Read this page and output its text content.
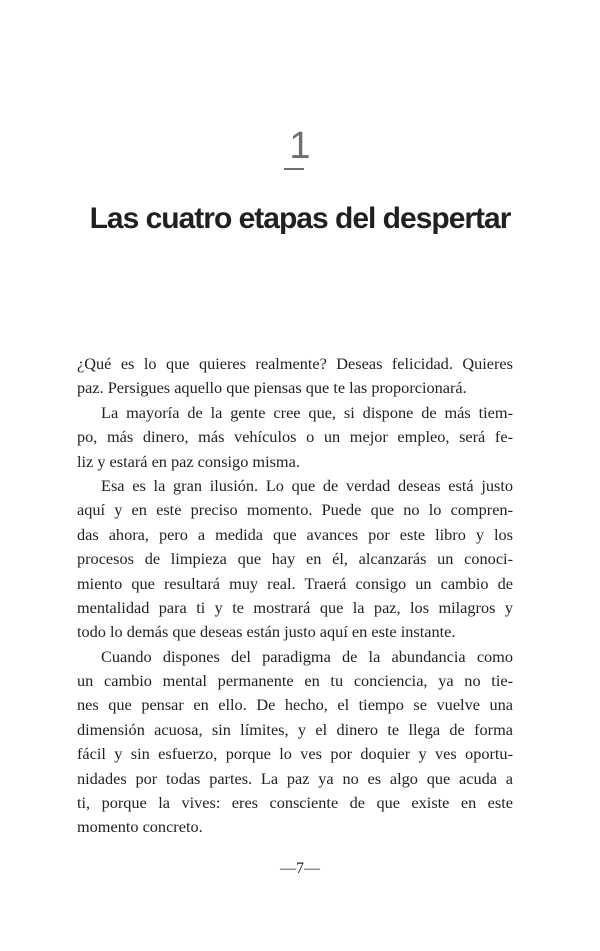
1
Las cuatro etapas del despertar
¿Qué es lo que quieres realmente? Deseas felicidad. Quieres
paz. Persigues aquello que piensas que te las proporcionará.
La mayoría de la gente cree que, si dispone de más tiem-
po, más dinero, más vehículos o un mejor empleo, será fe-
liz y estará en paz consigo misma.
Esa es la gran ilusión. Lo que de verdad deseas está justo
aquí y en este preciso momento. Puede que no lo compren-
das ahora, pero a medida que avances por este libro y los
procesos de limpieza que hay en él, alcanzarás un conoci-
miento que resultará muy real. Traerá consigo un cambio de
mentalidad para ti y te mostrará que la paz, los milagros y
todo lo demás que deseas están justo aquí en este instante.
Cuando dispones del paradigma de la abundancia como
un cambio mental permanente en tu conciencia, ya no tie-
nes que pensar en ello. De hecho, el tiempo se vuelve una
dimensión acuosa, sin límites, y el dinero te llega de forma
fácil y sin esfuerzo, porque lo ves por doquier y ves oportu-
nidades por todas partes. La paz ya no es algo que acuda a
ti, porque la vives: eres consciente de que existe en este
momento concreto.
—7—
